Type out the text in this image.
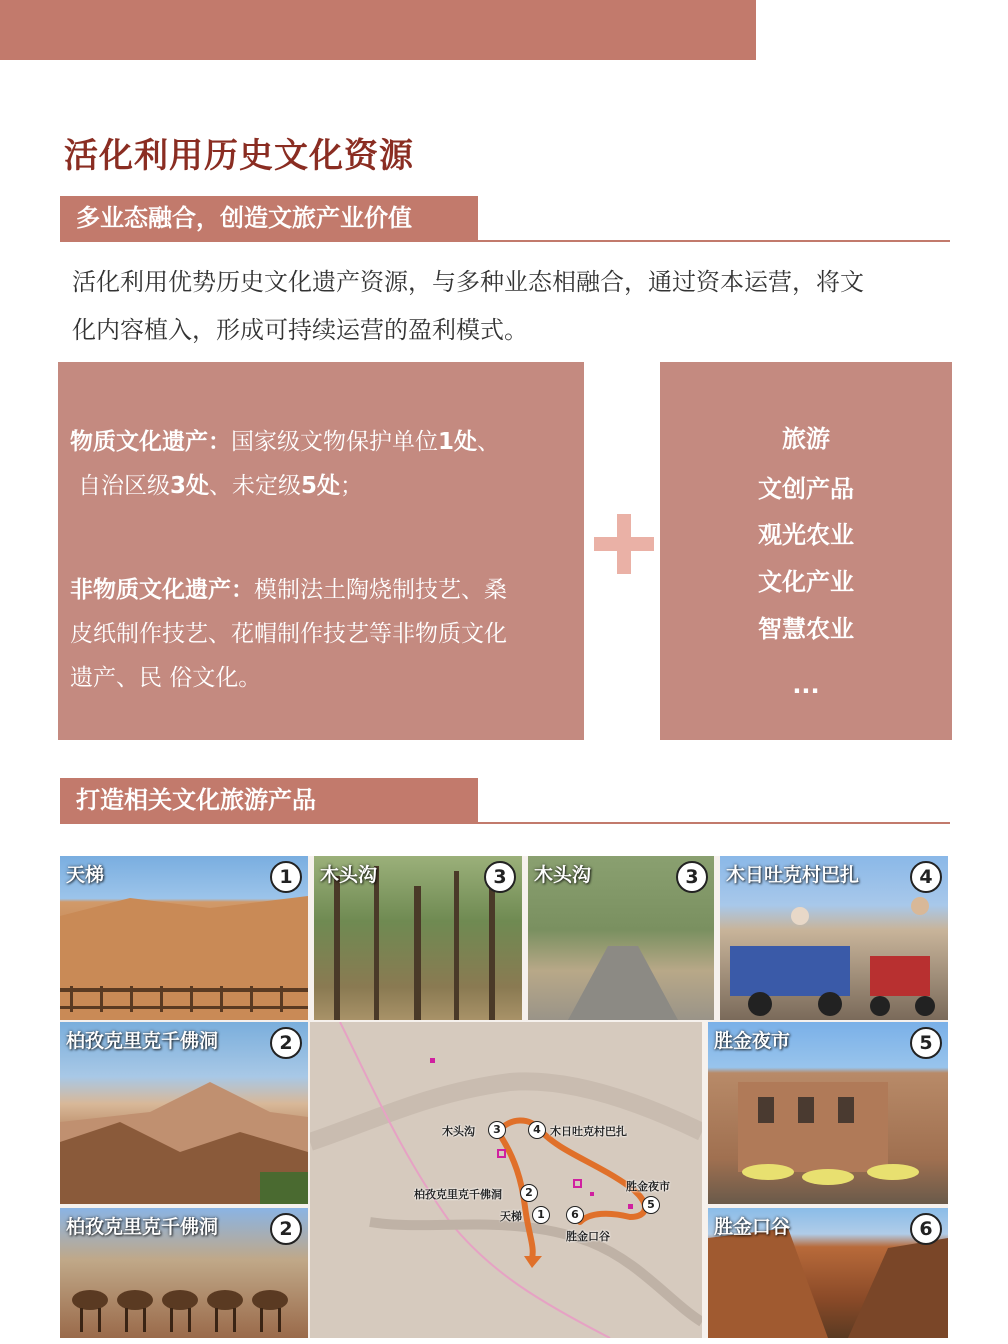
活化利用历史文化资源
多业态融合，创造文旅产业价值
活化利用优势历史文化遗产资源，与多种业态相融合，通过资本运营，将文
化内容植入，形成可持续运营的盈利模式。

物质文化遗产：国家级文物保护单位1处、

自治区级3处、未定级5处；

非物质文化遗产：模制法土陶烧制技艺、桑

皮纸制作技艺、花帽制作技艺等非物质文化

遗产、民 俗文化。

旅游
文创产品
观光农业
文化产业
智慧农业
...
打造相关文化旅游产品
天梯	1	木头沟	3	木头沟	3	木日吐克村巴扎	4
柏孜克里克千佛洞	2	胜金夜市	5
柏孜克里克千佛洞	2	胜金口谷	6
木头沟	3	4 木日吐克村巴扎
柏孜克里克千佛洞	2	胜金夜市
5
天梯	1	6
胜金口谷
